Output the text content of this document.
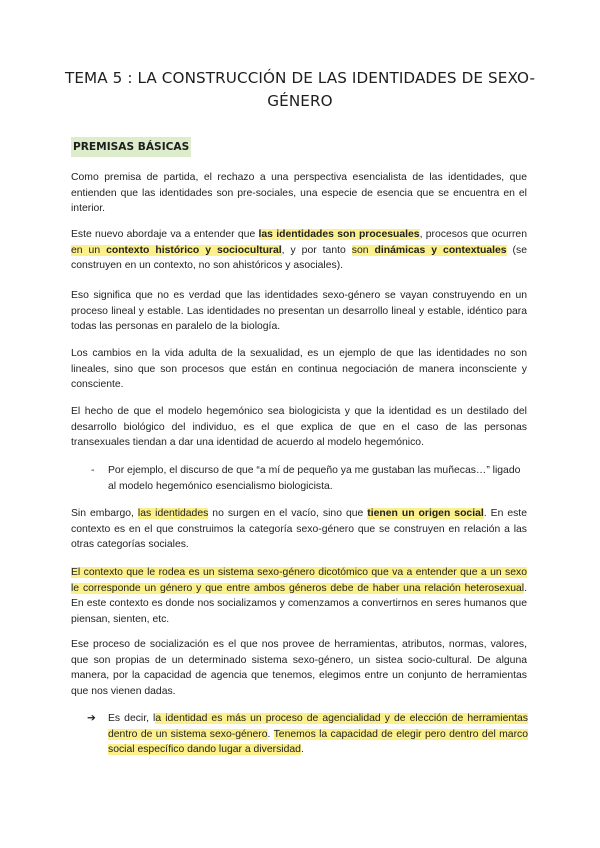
TEMA 5 : LA CONSTRUCCIÓN DE LAS IDENTIDADES DE SEXO-GÉNERO
PREMISAS BÁSICAS
Como premisa de partida, el rechazo a una perspectiva esencialista de las identidades, que entienden que las identidades son pre-sociales, una especie de esencia que se encuentra en el interior.
Este nuevo abordaje va a entender que las identidades son procesuales, procesos que ocurren en un contexto histórico y sociocultural, y por tanto son dinámicas y contextuales (se construyen en un contexto, no son ahistóricos y asociales).
Eso significa que no es verdad que las identidades sexo-género se vayan construyendo en un proceso lineal y estable. Las identidades no presentan un desarrollo lineal y estable, idéntico para todas las personas en paralelo de la biología.
Los cambios en la vida adulta de la sexualidad, es un ejemplo de que las identidades no son lineales, sino que son procesos que están en continua negociación de manera inconsciente y consciente.
El hecho de que el modelo hegemónico sea biologicista y que la identidad es un destilado del desarrollo biológico del individuo, es el que explica de que en el caso de las personas transexuales tiendan a dar una identidad de acuerdo al modelo hegemónico.
- Por ejemplo, el discurso de que “a mí de pequeño ya me gustaban las muñecas…” ligado al modelo hegemónico esencialismo biologicista.
Sin embargo, las identidades no surgen en el vacío, sino que tienen un origen social. En este contexto es en el que construimos la categoría sexo-género que se construyen en relación a las otras categorías sociales.
El contexto que le rodea es un sistema sexo-género dicotómico que va a entender que a un sexo le corresponde un género y que entre ambos géneros debe de haber una relación heterosexual. En este contexto es donde nos socializamos y comenzamos a convertirnos en seres humanos que piensan, sienten, etc.
Ese proceso de socialización es el que nos provee de herramientas, atributos, normas, valores, que son propias de un determinado sistema sexo-género, un sistea socio-cultural. De alguna manera, por la capacidad de agencia que tenemos, elegimos entre un conjunto de herramientas que nos vienen dadas.
➔ Es decir, la identidad es más un proceso de agencialidad y de elección de herramientas dentro de un sistema sexo-género. Tenemos la capacidad de elegir pero dentro del marco social específico dando lugar a diversidad.
